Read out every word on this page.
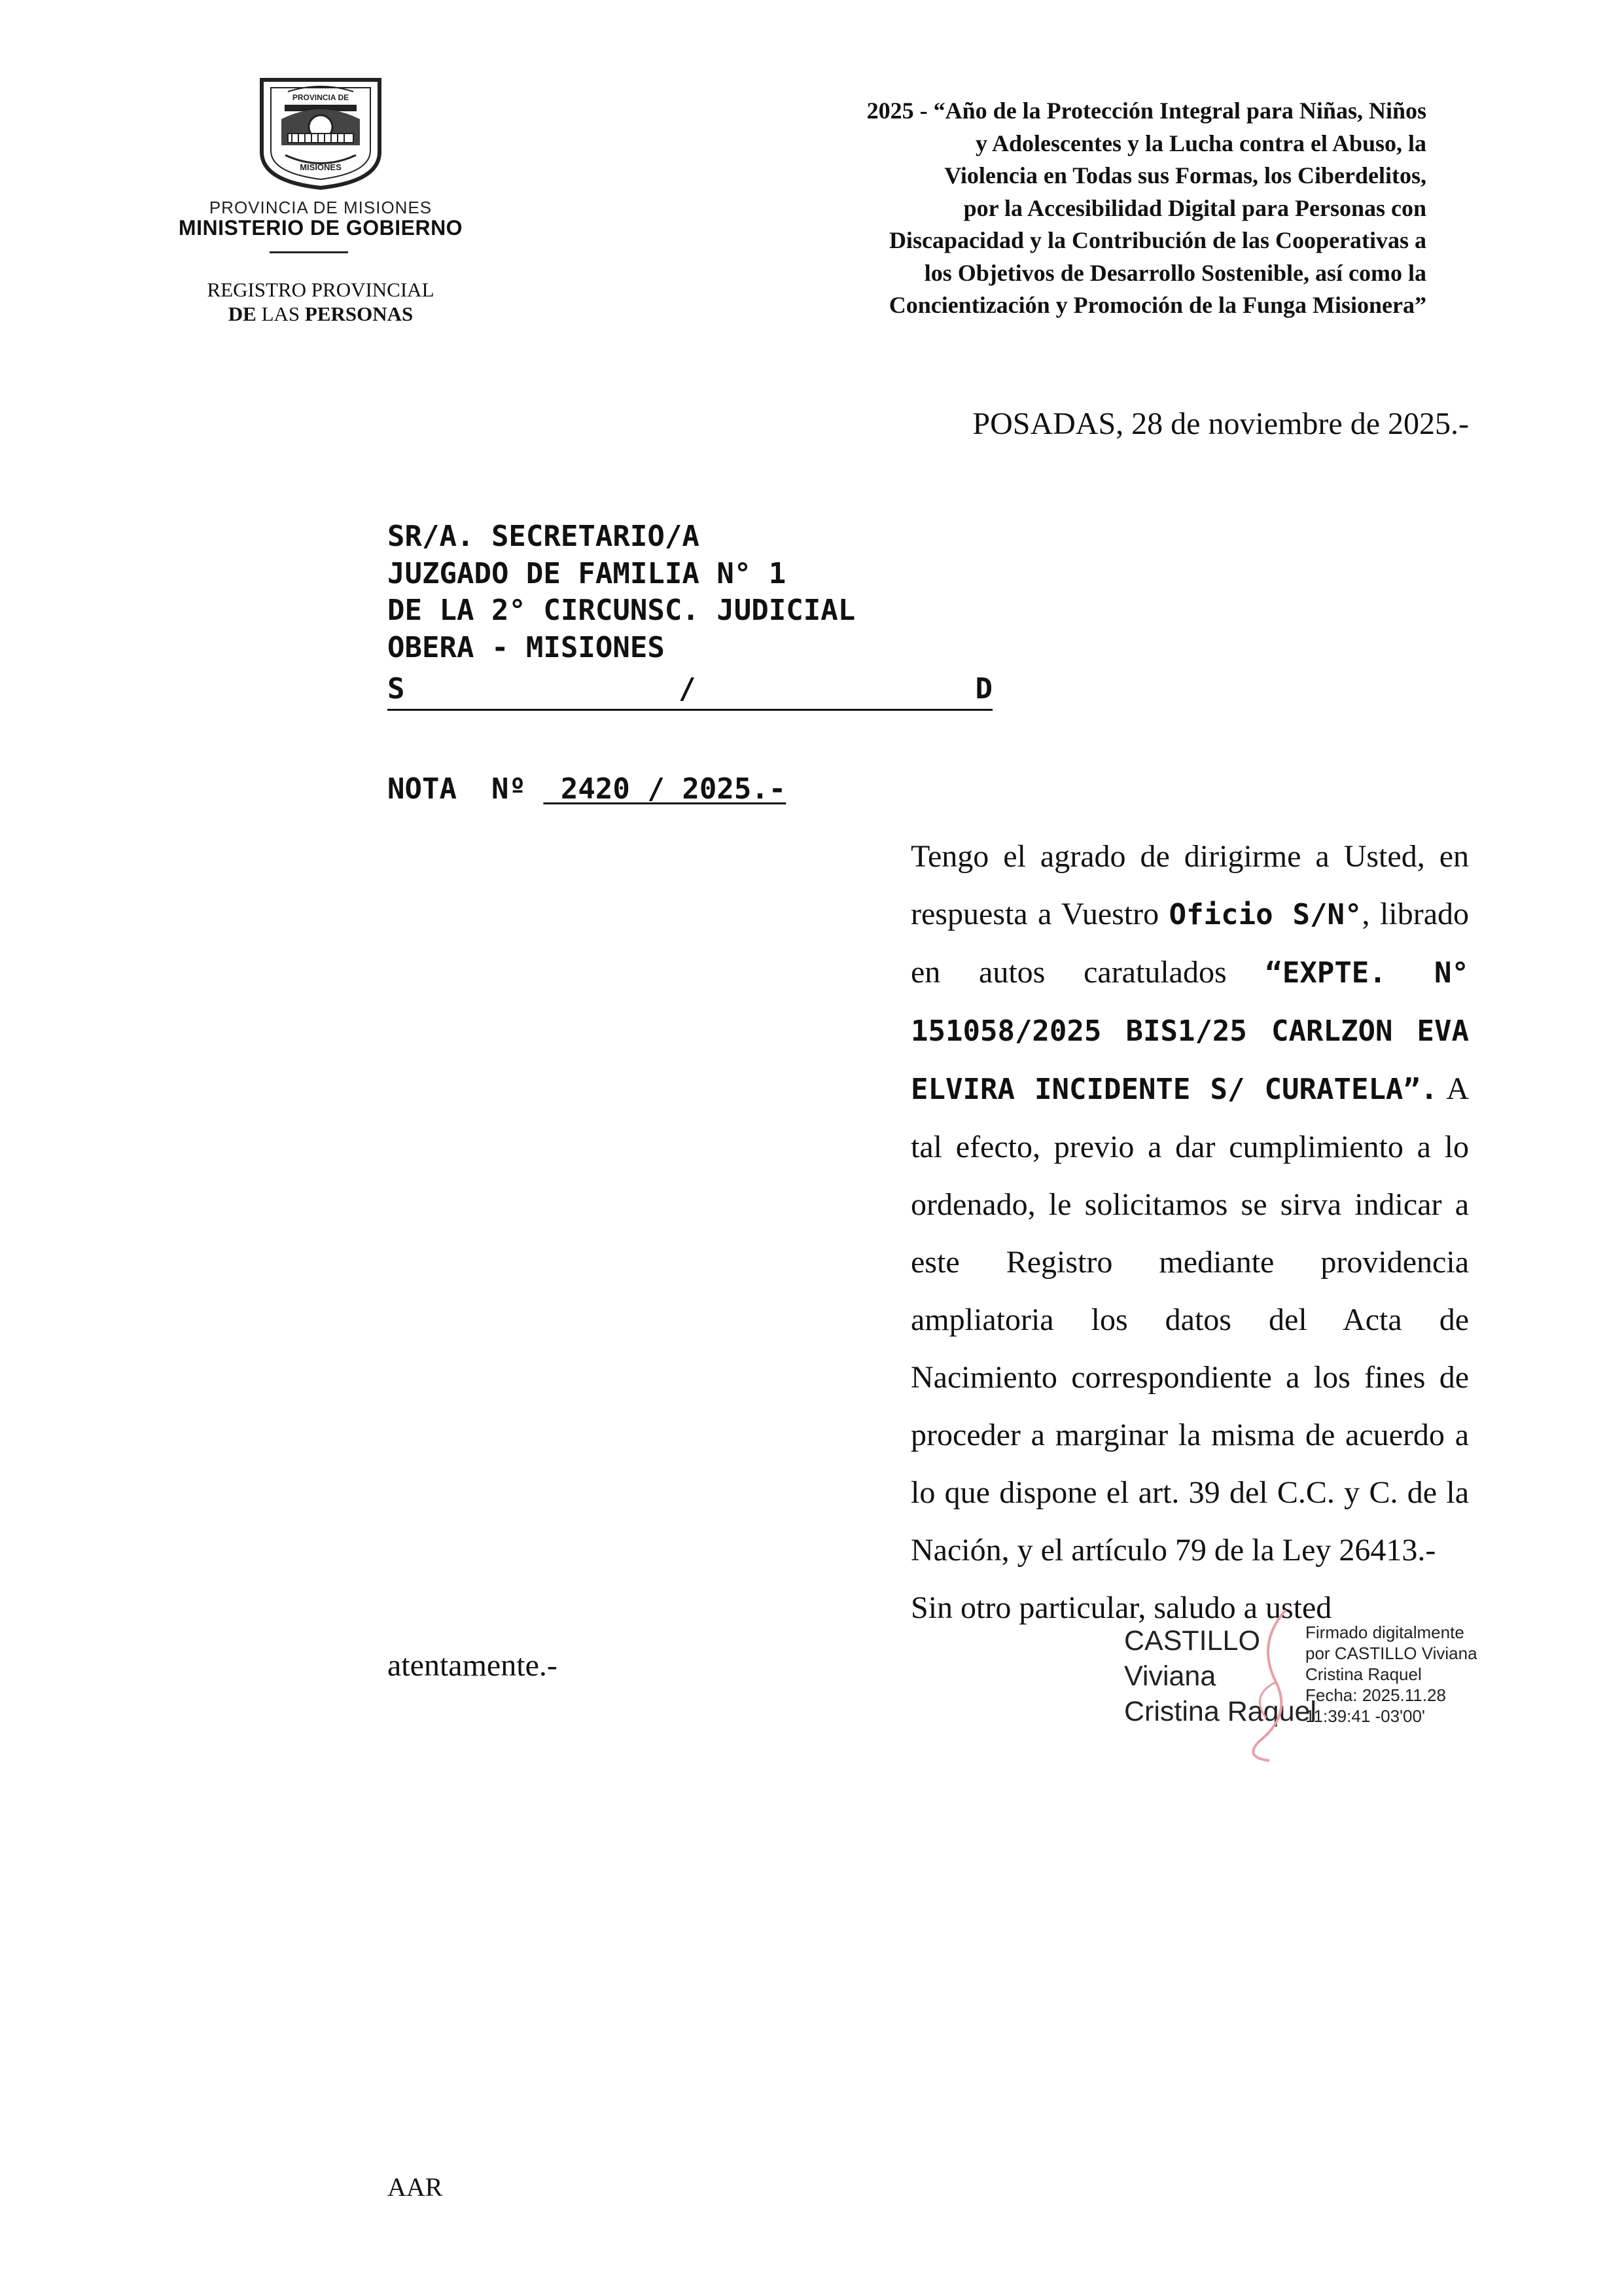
PROVINCIA DE
MISIONES
PROVINCIA DE MISIONES
MINISTERIO DE GOBIERNO
REGISTRO PROVINCIAL
DE LAS PERSONAS
2025 - “Año de la Protección Integral para Niñas, Niños
y Adolescentes y la Lucha contra el Abuso, la
Violencia en Todas sus Formas, los Ciberdelitos,
por la Accesibilidad Digital para Personas con
Discapacidad y la Contribución de las Cooperativas a
los Objetivos de Desarrollo Sostenible, así como la
Concientización y Promoción de la Funga Misionera”
POSADAS, 28 de noviembre de 2025.-
SR/A. SECRETARIO/A
JUZGADO DE FAMILIA N° 1
DE LA 2° CIRCUNSC. JUDICIAL
OBERA - MISIONES
S	/	D
NOTA  Nº  2420 / 2025.-

Tengo el agrado de dirigirme a Usted, en respuesta a Vuestro Oficio S/N°, librado en autos caratulados “EXPTE. N° 151058/2025 BIS1/25 CARLZON EVA ELVIRA INCIDENTE S/ CURATELA”. A tal efecto, previo a dar cumplimiento a lo ordenado, le solicitamos se sirva indicar a este Registro mediante providencia ampliatoria los datos del Acta de Nacimiento correspondiente a los fines de proceder a marginar la misma de acuerdo a lo que dispone el art. 39 del C.C. y C. de la Nación, y el artículo 79 de la Ley 26413.-

Sin otro particular, saludo a usted

atentamente.-

CASTILLO
Viviana
Cristina Raquel
Firmado digitalmente
por CASTILLO Viviana
Cristina Raquel
Fecha: 2025.11.28
11:39:41 -03'00'
AAR
